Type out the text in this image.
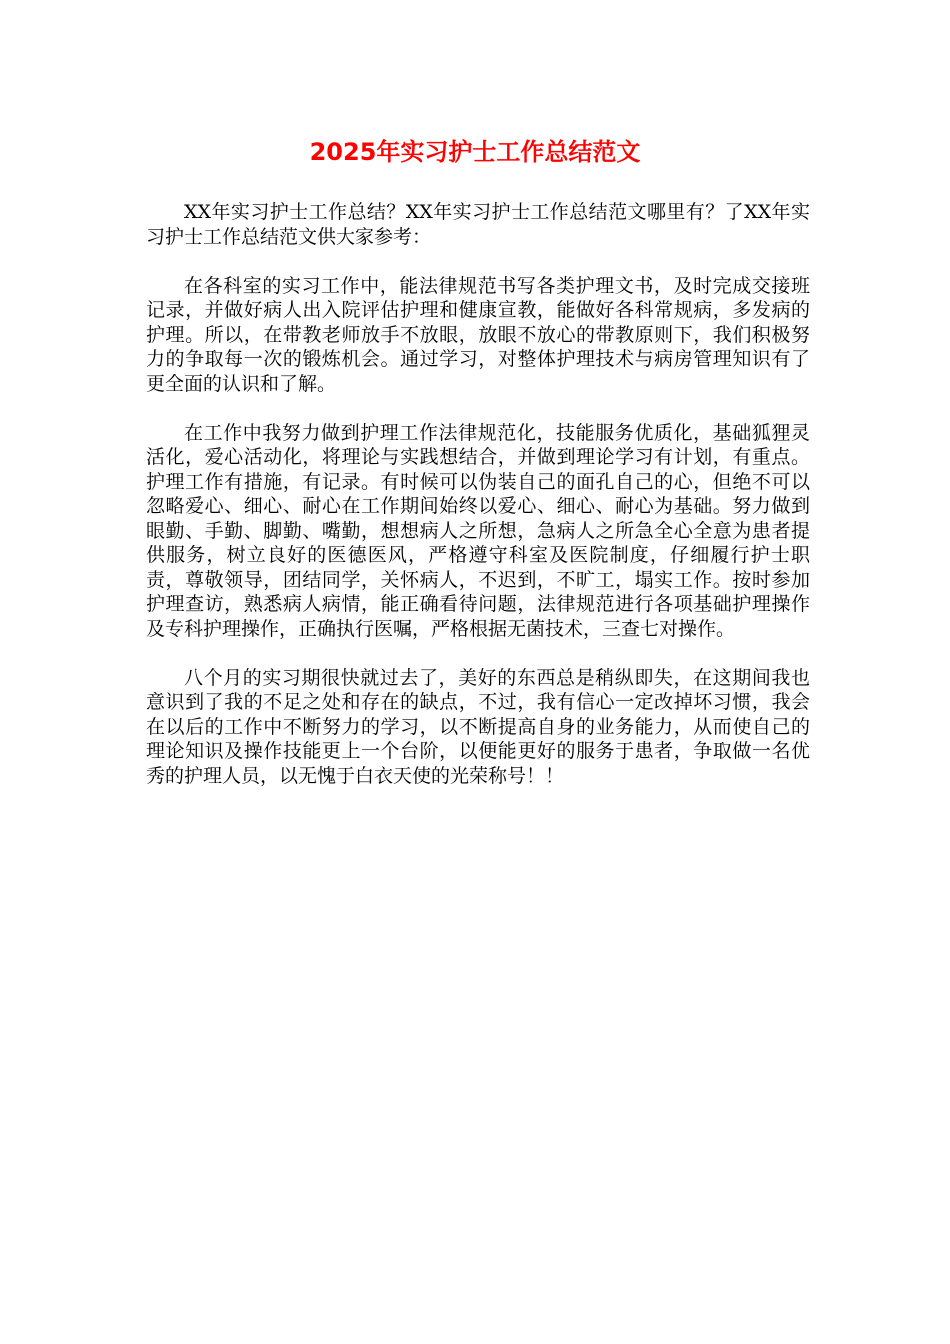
2025年实习护士工作总结范文

XX年实习护士工作总结？XX年实习护士工作总结范文哪里有？了XX年实习护士工作总结范文供大家参考：

在各科室的实习工作中，能法律规范书写各类护理文书，及时完成交接班记录，并做好病人出入院评估护理和健康宣教，能做好各科常规病，多发病的护理。所以，在带教老师放手不放眼，放眼不放心的带教原则下，我们积极努力的争取每一次的锻炼机会。通过学习，对整体护理技术与病房管理知识有了更全面的认识和了解。

在工作中我努力做到护理工作法律规范化，技能服务优质化，基础狐狸灵活化，爱心活动化，将理论与实践想结合，并做到理论学习有计划，有重点。护理工作有措施，有记录。有时候可以伪装自己的面孔自己的心，但绝不可以忽略爱心、细心、耐心在工作期间始终以爱心、细心、耐心为基础。努力做到眼勤、手勤、脚勤、嘴勤，想想病人之所想，急病人之所急全心全意为患者提供服务，树立良好的医德医风，严格遵守科室及医院制度，仔细履行护士职责，尊敬领导，团结同学，关怀病人，不迟到，不旷工，塌实工作。按时参加护理查访，熟悉病人病情，能正确看待问题，法律规范进行各项基础护理操作及专科护理操作，正确执行医嘱，严格根据无菌技术，三查七对操作。

八个月的实习期很快就过去了，美好的东西总是稍纵即失，在这期间我也意识到了我的不足之处和存在的缺点，不过，我有信心一定改掉坏习惯，我会在以后的工作中不断努力的学习，以不断提高自身的业务能力，从而使自己的理论知识及操作技能更上一个台阶，以便能更好的服务于患者，争取做一名优秀的护理人员，以无愧于白衣天使的光荣称号！！
